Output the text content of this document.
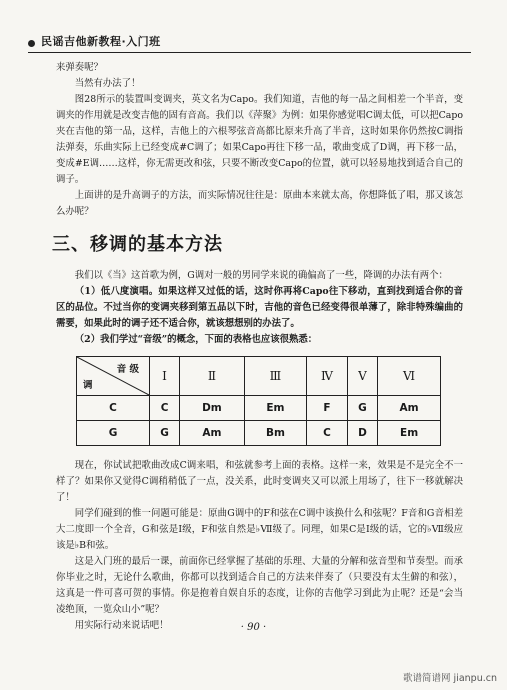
民谣吉他新教程·入门班

来弹奏呢？

当然有办法了！

图28所示的装置叫变调夹，英文名为Capo。我们知道，吉他的每一品之间相差一个半音，变调夹的作用就是改变吉他的固有音高。我们以《萍聚》为例：如果你感觉唱C调太低，可以把Capo夹在吉他的第一品，这样，吉他上的六根琴弦音高都比原来升高了半音，这时如果你仍然按C调指法弹奏，乐曲实际上已经变成#C调了；如果Capo再往下移一品，歌曲变成了D调，再下移一品，变成#E调……这样，你无需更改和弦，只要不断改变Capo的位置，就可以轻易地找到适合自己的调子。

上面讲的是升高调子的方法，而实际情况往往是：原曲本来就太高，你想降低了唱，那又该怎么办呢？

三、移调的基本方法

我们以《当》这首歌为例，G调对一般的男同学来说的确偏高了一些，降调的办法有两个：

（1）低八度演唱。如果这样又过低的话，这时你再将Capo往下移动，直到找到适合你的音区的品位。不过当你的变调夹移到第五品以下时，吉他的音色已经变得很单薄了，除非特殊编曲的需要，如果此时的调子还不适合你，就该想想别的办法了。

（2）我们学过“音级”的概念，下面的表格也应该很熟悉：

音 级
调	Ⅰ	Ⅱ	Ⅲ	Ⅳ	Ⅴ	Ⅵ
C	C	Dm	Em	F	G	Am
G	G	Am	Bm	C	D	Em

现在，你试试把歌曲改成C调来唱，和弦就参考上面的表格。这样一来，效果是不是完全不一样了？如果你又觉得C调稍稍低了一点，没关系，此时变调夹又可以派上用场了，往下一移就解决了！

同学们碰到的惟一问题可能是：原曲G调中的F和弦在C调中该换什么和弦呢？F音和G音相差大二度即一个全音，G和弦是Ⅰ级，F和弦自然是♭Ⅶ级了。同理，如果C是Ⅰ级的话，它的♭Ⅶ级应该是♭B和弦。

这是入门班的最后一课，前面你已经掌握了基础的乐理、大量的分解和弦音型和节奏型。而承你毕业之时，无论什么歌曲，你都可以找到适合自己的方法来伴奏了（只要没有太生僻的和弦），这真是一件可喜可贺的事情。你是抱着自娱自乐的态度，让你的吉他学习到此为止呢？还是“会当凌绝顶，一览众山小”呢？

用实际行动来说话吧！	· 90 ·
歌谱简谱网 jianpu.cn
